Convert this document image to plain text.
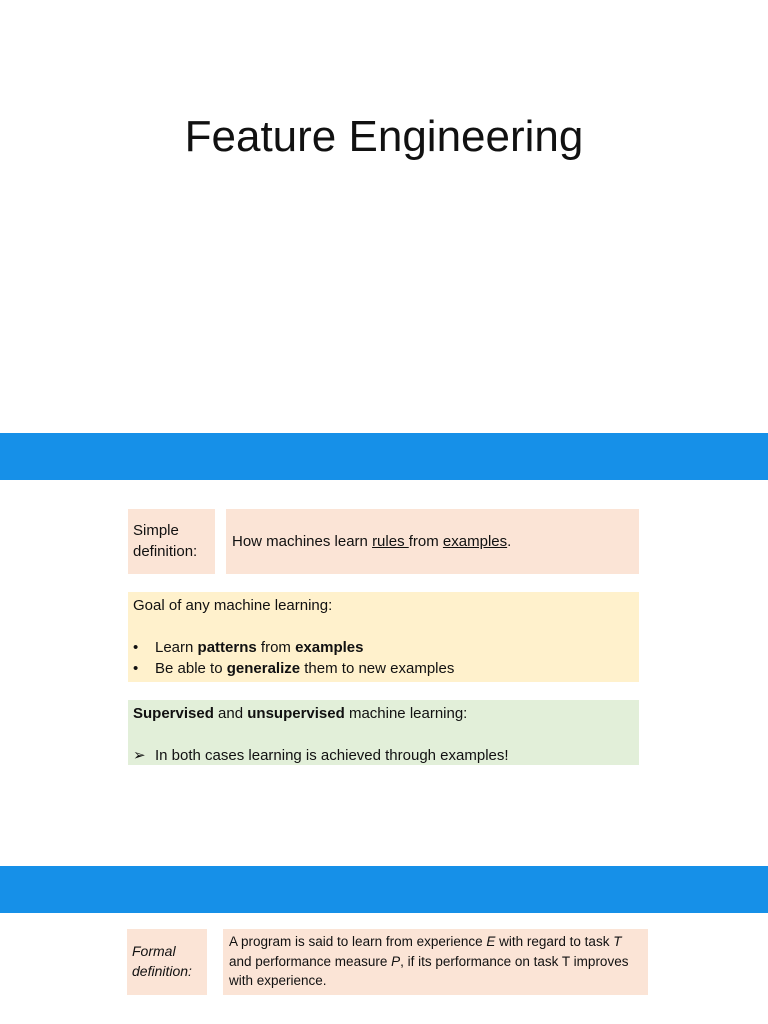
Feature Engineering
Simple
definition:
How machines learn rules from examples.
Goal of any machine learning:
• Learn patterns from examples
• Be able to generalize them to new examples
Supervised and unsupervised machine learning:
➢ In both cases learning is achieved through examples!
Formal
definition:
A program is said to learn from experience E with regard to task T and performance measure P, if its performance on task T improves with experience.
